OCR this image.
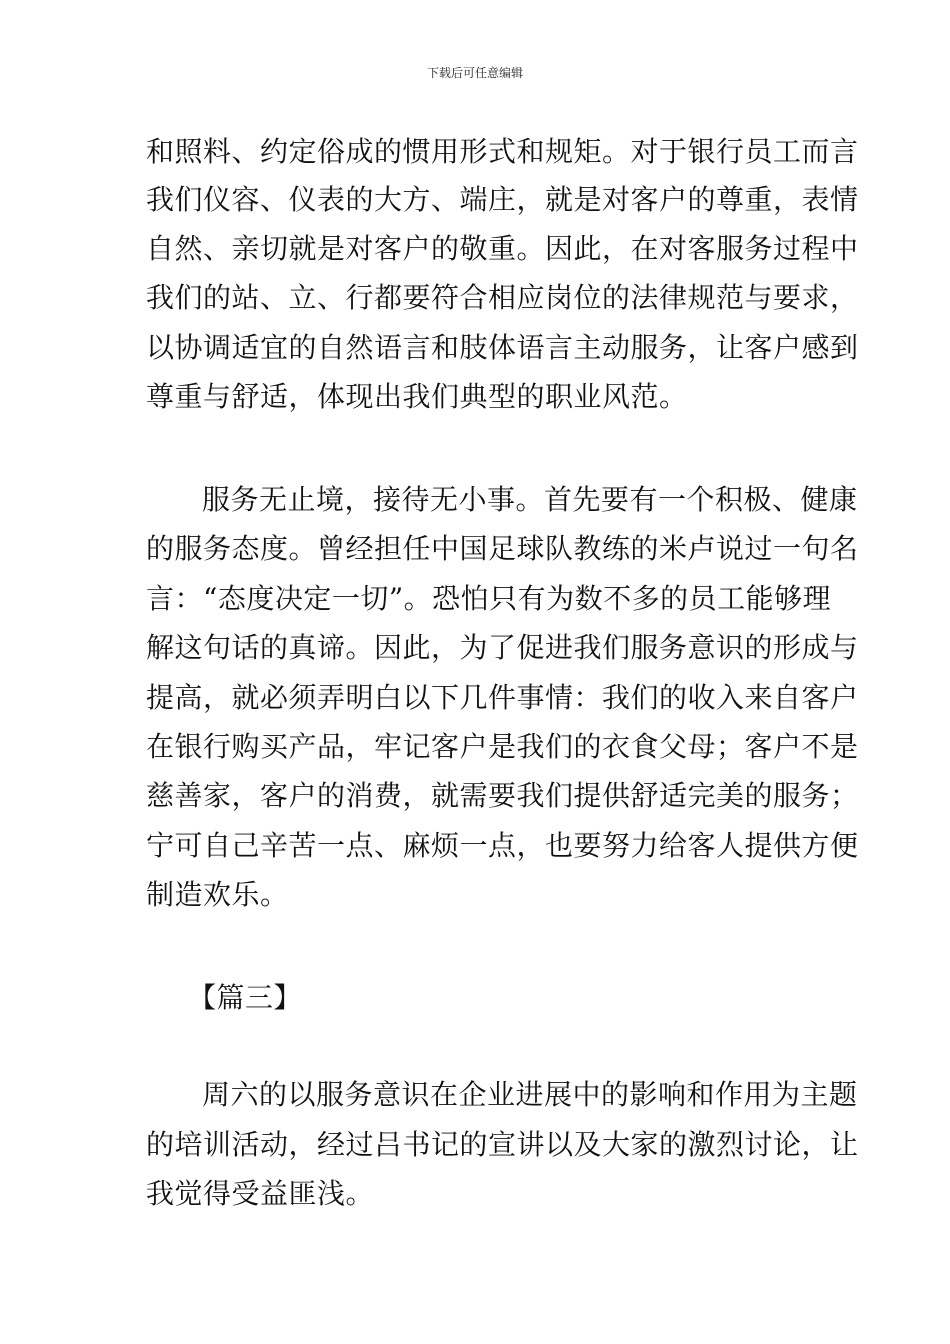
下载后可任意编辑
和照料、约定俗成的惯用形式和规矩。对于银行员工而言
我们仪容、仪表的大方、端庄，就是对客户的尊重，表情
自然、亲切就是对客户的敬重。因此，在对客服务过程中
我们的站、立、行都要符合相应岗位的法律规范与要求，
以协调适宜的自然语言和肢体语言主动服务，让客户感到
尊重与舒适，体现出我们典型的职业风范。
服务无止境，接待无小事。首先要有一个积极、健康
的服务态度。曾经担任中国足球队教练的米卢说过一句名
言：“态度决定一切”。恐怕只有为数不多的员工能够理
解这句话的真谛。因此，为了促进我们服务意识的形成与
提高，就必须弄明白以下几件事情：我们的收入来自客户
在银行购买产品，牢记客户是我们的衣食父母；客户不是
慈善家，客户的消费，就需要我们提供舒适完美的服务；
宁可自己辛苦一点、麻烦一点，也要努力给客人提供方便
制造欢乐。
【篇三】
周六的以服务意识在企业进展中的影响和作用为主题
的培训活动，经过吕书记的宣讲以及大家的激烈讨论，让
我觉得受益匪浅。
